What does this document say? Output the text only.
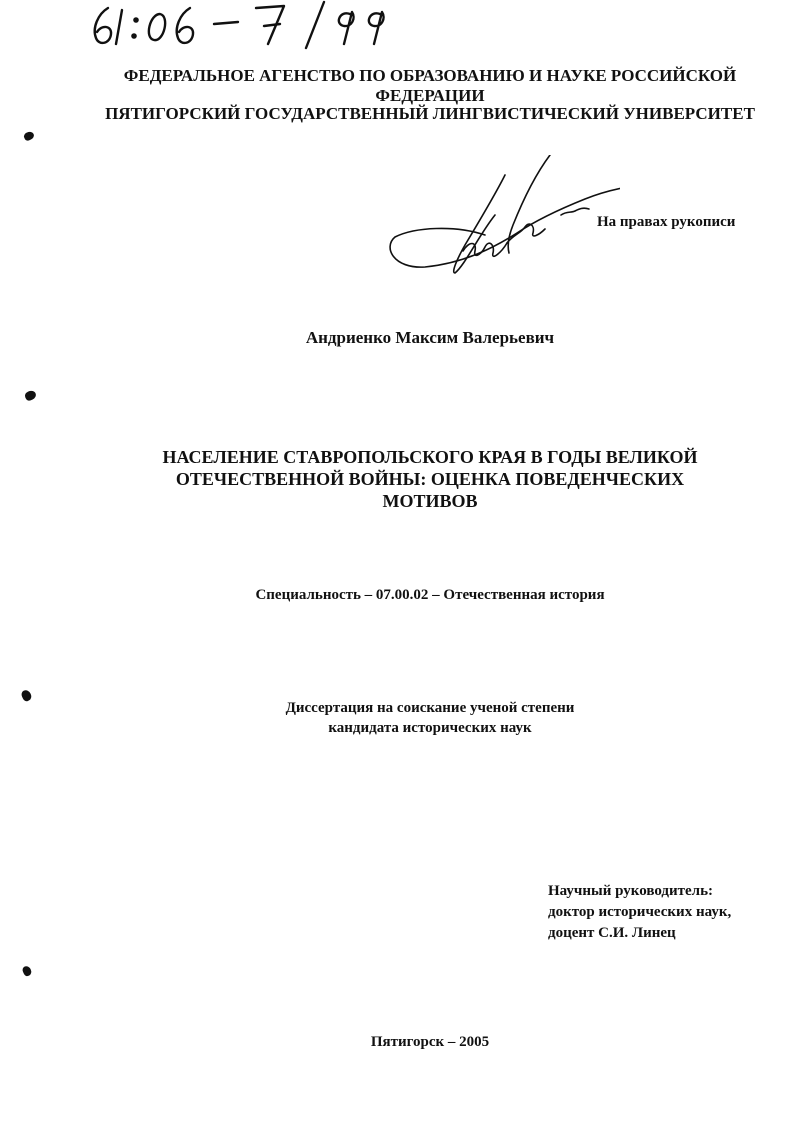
ФЕДЕРАЛЬНОЕ АГЕНСТВО ПО ОБРАЗОВАНИЮ И НАУКЕ РОССИЙСКОЙ
ФЕДЕРАЦИИ
ПЯТИГОРСКИЙ ГОСУДАРСТВЕННЫЙ ЛИНГВИСТИЧЕСКИЙ УНИВЕРСИТЕТ
На правах рукописи
Андриенко Максим Валерьевич
НАСЕЛЕНИЕ СТАВРОПОЛЬСКОГО КРАЯ В ГОДЫ ВЕЛИКОЙ
ОТЕЧЕСТВЕННОЙ ВОЙНЫ: ОЦЕНКА ПОВЕДЕНЧЕСКИХ
МОТИВОВ
Специальность – 07.00.02 – Отечественная история
Диссертация на соискание ученой степени
кандидата исторических наук
Научный руководитель:
доктор исторических наук,
доцент С.И. Линец
Пятигорск – 2005
